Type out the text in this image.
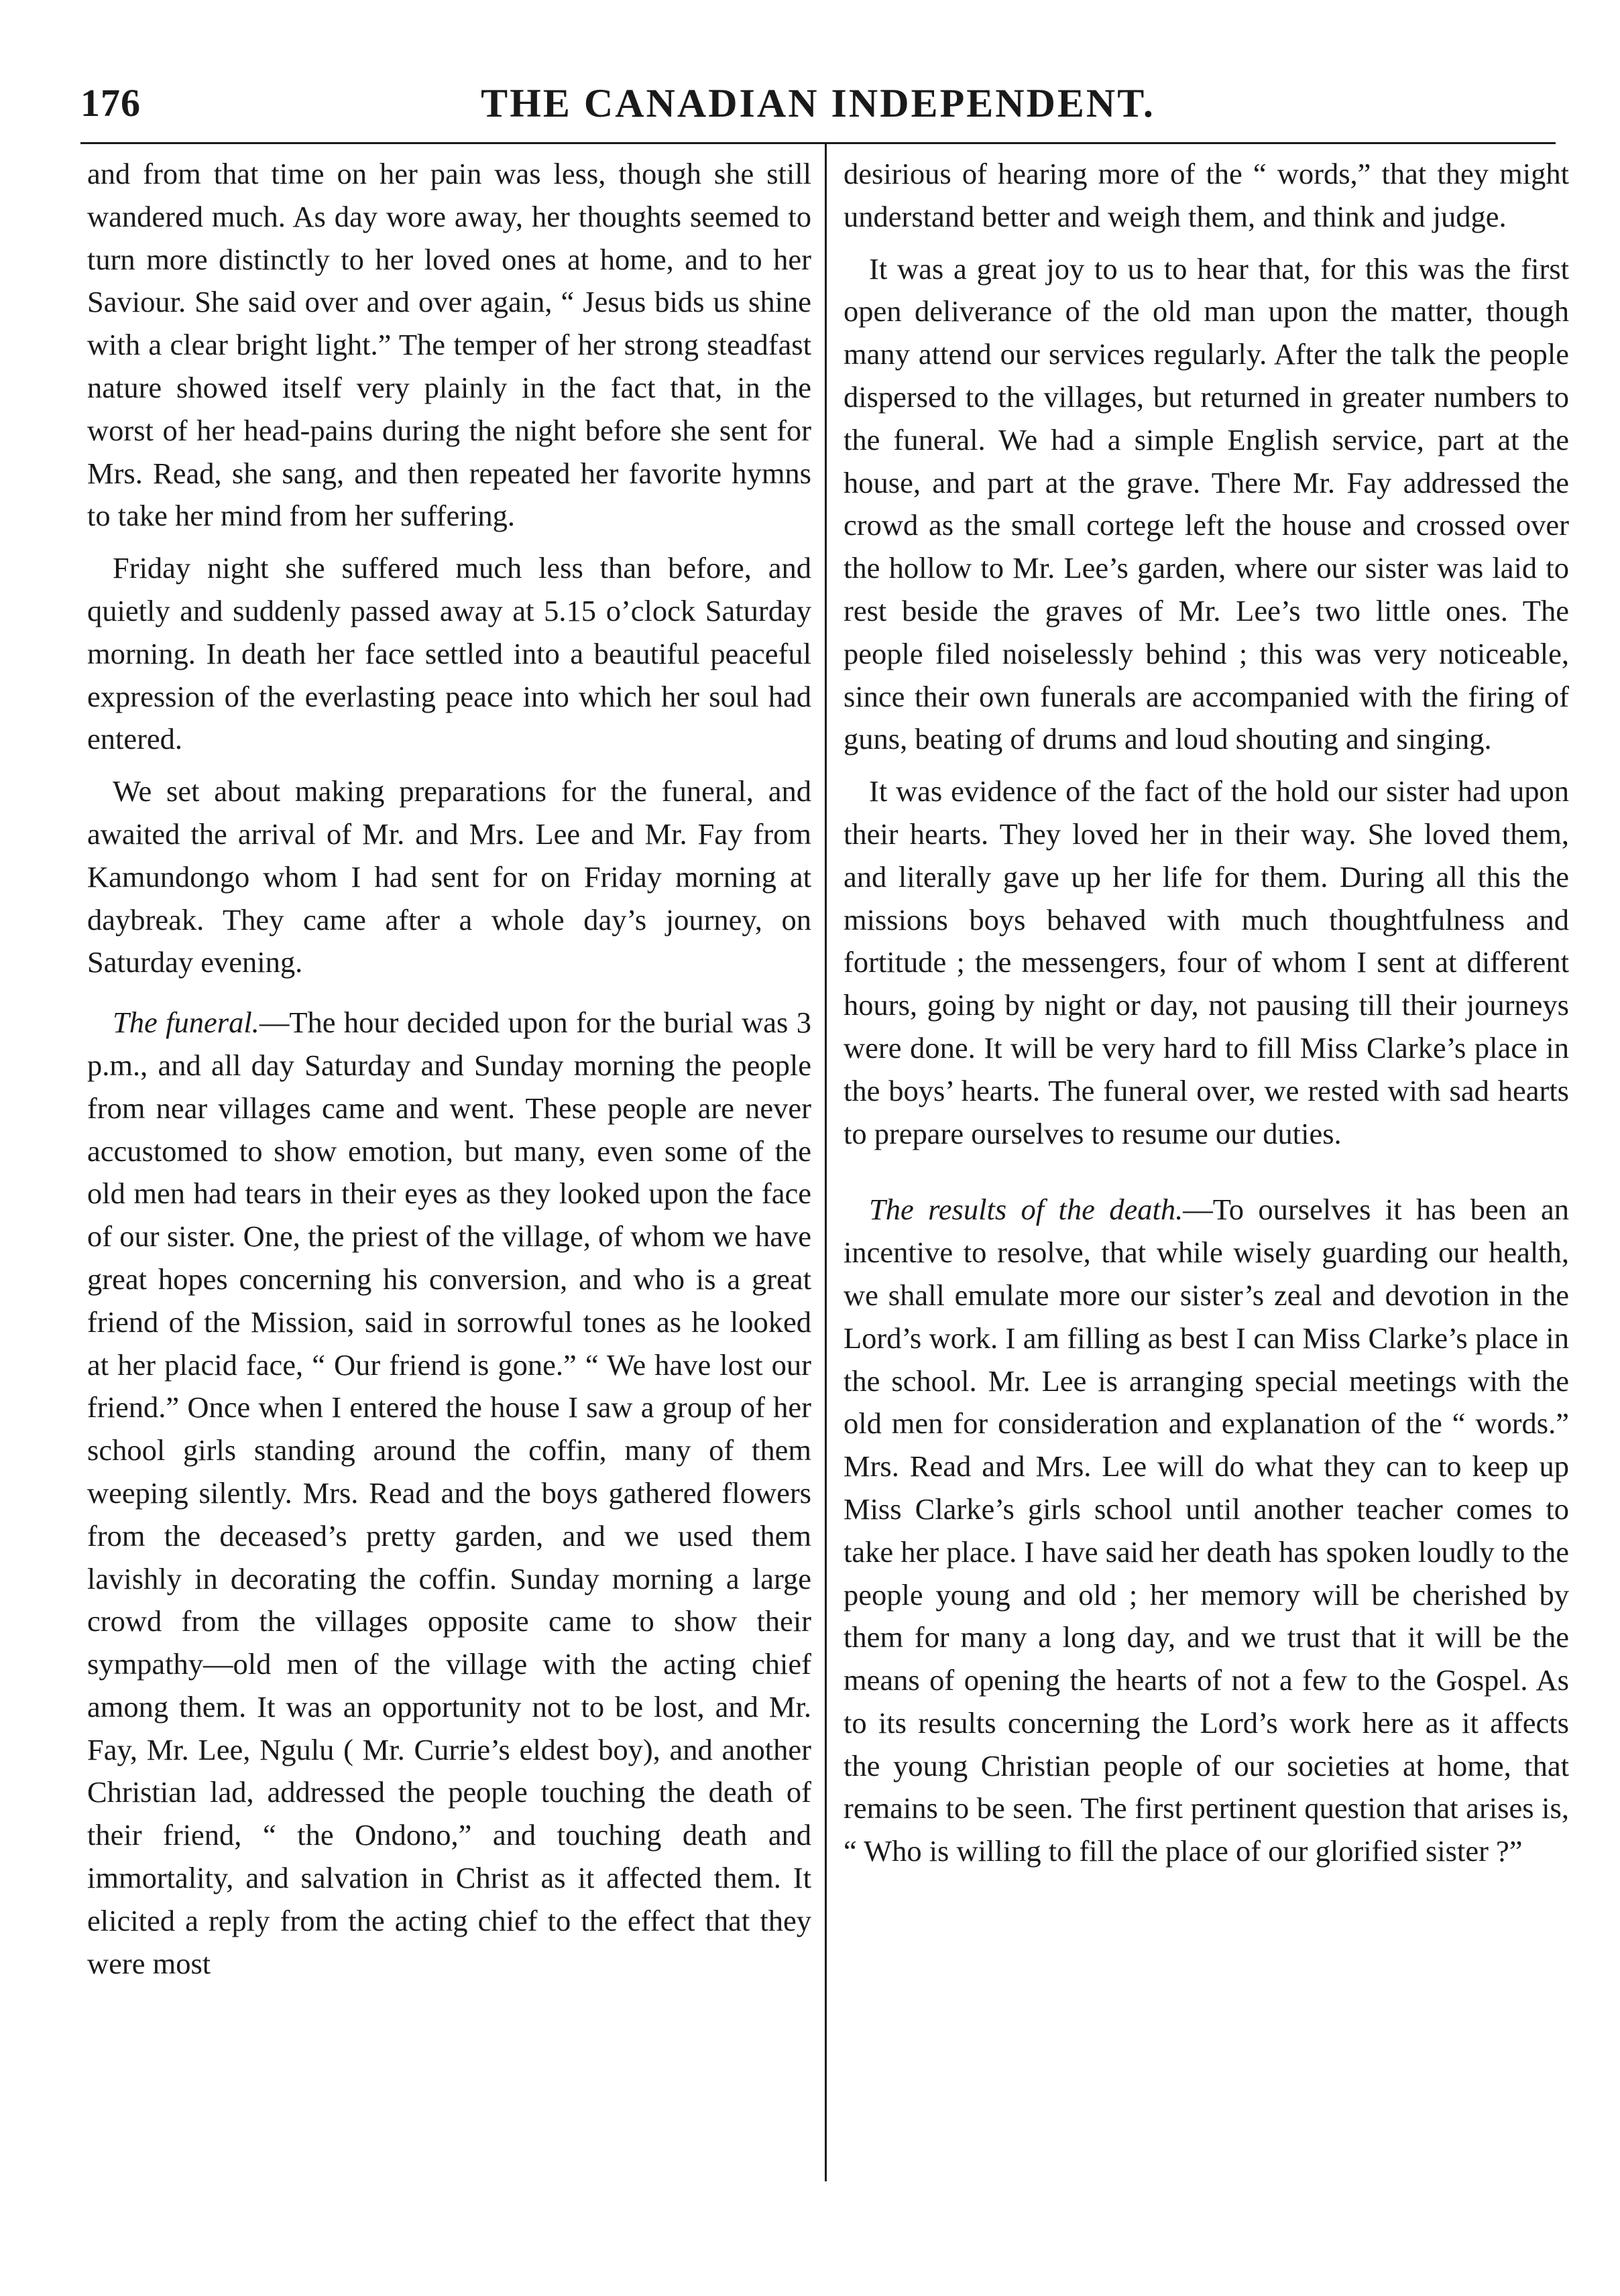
176	THE CANADIAN INDEPENDENT.

and from that time on her pain was less, though she still wandered much. As day wore away, her thoughts seemed to turn more distinctly to her loved ones at home, and to her Saviour. She said over and over again, “ Jesus bids us shine with a clear bright light.” The temper of her strong steadfast nature showed itself very plainly in the fact that, in the worst of her head-pains during the night before she sent for Mrs. Read, she sang, and then repeated her favorite hymns to take her mind from her suffering.

Friday night she suffered much less than before, and quietly and suddenly passed away at 5.15 o’clock Saturday morning. In death her face settled into a beautiful peaceful expression of the everlasting peace into which her soul had entered.

We set about making preparations for the funeral, and awaited the arrival of Mr. and Mrs. Lee and Mr. Fay from Kamundongo whom I had sent for on Friday morning at daybreak. They came after a whole day’s journey, on Saturday evening.

The funeral.—The hour decided upon for the burial was 3 p.m., and all day Saturday and Sunday morning the people from near villages came and went. These people are never accustomed to show emotion, but many, even some of the old men had tears in their eyes as they looked upon the face of our sister. One, the priest of the village, of whom we have great hopes concerning his conversion, and who is a great friend of the Mission, said in sorrowful tones as he looked at her placid face, “ Our friend is gone.” “ We have lost our friend.” Once when I entered the house I saw a group of her school girls standing around the coffin, many of them weeping silently. Mrs. Read and the boys gathered flowers from the deceased’s pretty garden, and we used them lavishly in decorating the coffin. Sunday morning a large crowd from the villages opposite came to show their sympathy—old men of the village with the acting chief among them. It was an opportunity not to be lost, and Mr. Fay, Mr. Lee, Ngulu ( Mr. Currie’s eldest boy), and another Christian lad, addressed the people touching the death of their friend, “ the Ondono,” and touching death and immortality, and salvation in Christ as it affected them. It elicited a reply from the acting chief to the effect that they were most

desirious of hearing more of the “ words,” that they might understand better and weigh them, and think and judge.

It was a great joy to us to hear that, for this was the first open deliverance of the old man upon the matter, though many attend our services regularly. After the talk the people dispersed to the villages, but returned in greater numbers to the funeral. We had a simple English service, part at the house, and part at the grave. There Mr. Fay addressed the crowd as the small cortege left the house and crossed over the hollow to Mr. Lee’s garden, where our sister was laid to rest beside the graves of Mr. Lee’s two little ones. The people filed noiselessly behind ; this was very noticeable, since their own funerals are accompanied with the firing of guns, beating of drums and loud shouting and singing.

It was evidence of the fact of the hold our sister had upon their hearts. They loved her in their way. She loved them, and literally gave up her life for them. During all this the missions boys behaved with much thoughtfulness and fortitude ; the messengers, four of whom I sent at different hours, going by night or day, not pausing till their journeys were done. It will be very hard to fill Miss Clarke’s place in the boys’ hearts. The funeral over, we rested with sad hearts to prepare ourselves to resume our duties.

The results of the death.—To ourselves it has been an incentive to resolve, that while wisely guarding our health, we shall emulate more our sister’s zeal and devotion in the Lord’s work. I am filling as best I can Miss Clarke’s place in the school. Mr. Lee is arranging special meetings with the old men for consideration and explanation of the “ words.” Mrs. Read and Mrs. Lee will do what they can to keep up Miss Clarke’s girls school until another teacher comes to take her place. I have said her death has spoken loudly to the people young and old ; her memory will be cherished by them for many a long day, and we trust that it will be the means of opening the hearts of not a few to the Gospel. As to its results concerning the Lord’s work here as it affects the young Christian people of our societies at home, that remains to be seen. The first pertinent question that arises is, “ Who is willing to fill the place of our glorified sister ?”
